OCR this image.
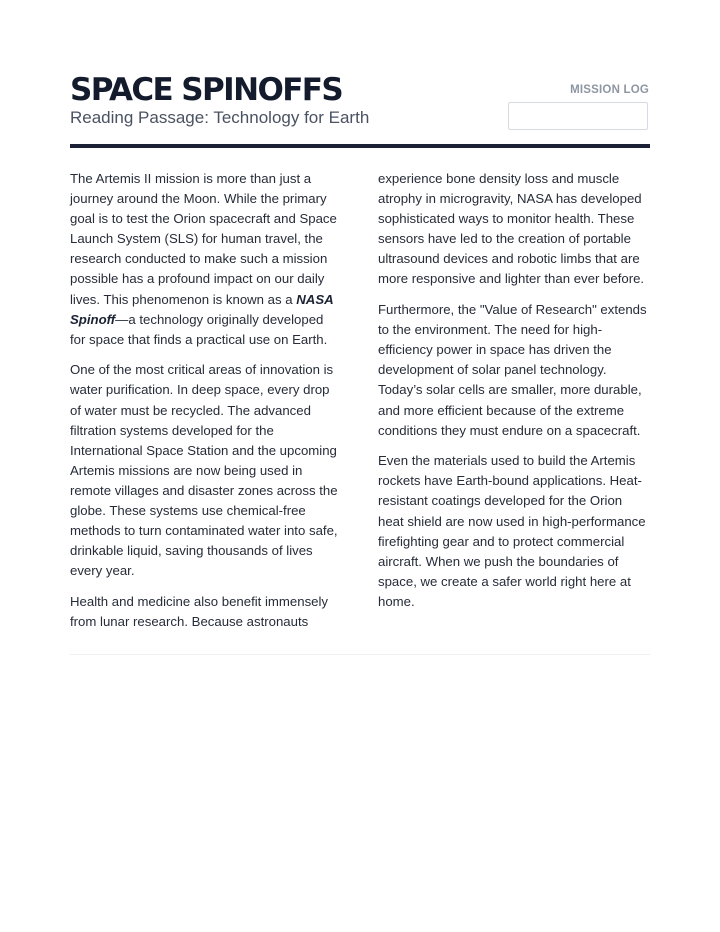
SPACE SPINOFFS
Reading Passage: Technology for Earth
MISSION LOG

The Artemis II mission is more than just a journey around the Moon. While the primary goal is to test the Orion spacecraft and Space Launch System (SLS) for human travel, the research conducted to make such a mission possible has a profound impact on our daily lives. This phenomenon is known as a NASA Spinoff—a technology originally developed for space that finds a practical use on Earth.

One of the most critical areas of innovation is water purification. In deep space, every drop of water must be recycled. The advanced filtration systems developed for the International Space Station and the upcoming Artemis missions are now being used in remote villages and disaster zones across the globe. These systems use chemical-free methods to turn contaminated water into safe, drinkable liquid, saving thousands of lives every year.

Health and medicine also benefit immensely from lunar research. Because astronauts

experience bone density loss and muscle atrophy in microgravity, NASA has developed sophisticated ways to monitor health. These sensors have led to the creation of portable ultrasound devices and robotic limbs that are more responsive and lighter than ever before.

Furthermore, the "Value of Research" extends to the environment. The need for high-efficiency power in space has driven the development of solar panel technology. Today’s solar cells are smaller, more durable, and more efficient because of the extreme conditions they must endure on a spacecraft.

Even the materials used to build the Artemis rockets have Earth-bound applications. Heat-resistant coatings developed for the Orion heat shield are now used in high-performance firefighting gear and to protect commercial aircraft. When we push the boundaries of space, we create a safer world right here at home.
